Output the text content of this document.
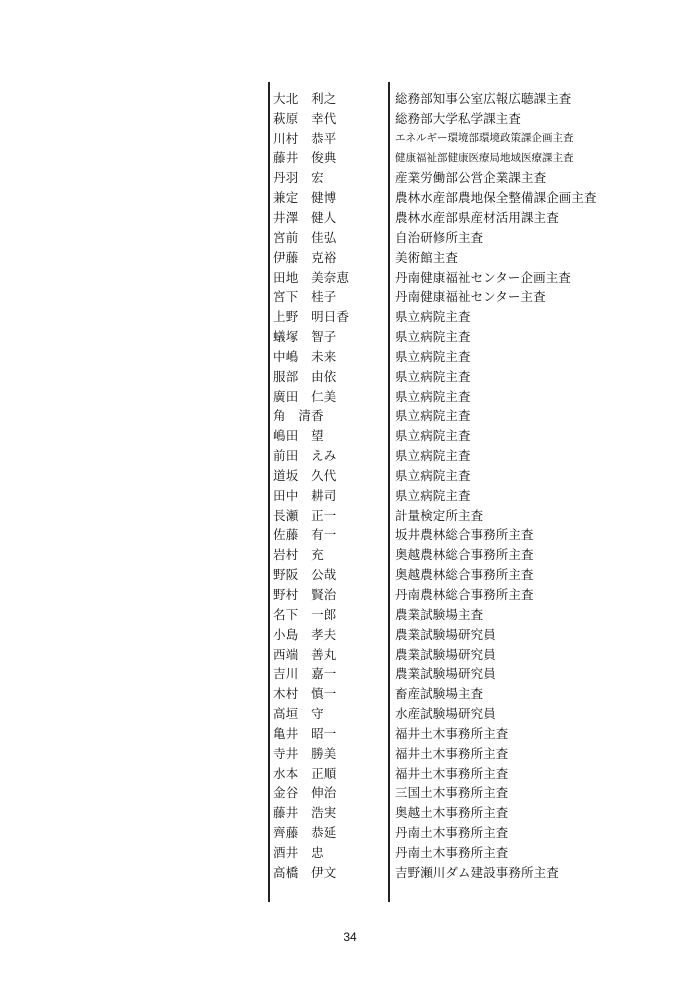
大北　利之	総務部知事公室広報広聴課主査
萩原　幸代	総務部大学私学課主査
川村　恭平	エネルギー環境部環境政策課企画主査
藤井　俊典	健康福祉部健康医療局地域医療課主査
丹羽　宏	産業労働部公営企業課主査
兼定　健博	農林水産部農地保全整備課企画主査
井澤　健人	農林水産部県産材活用課主査
宮前　佳弘	自治研修所主査
伊藤　克裕	美術館主査
田地　美奈恵	丹南健康福祉センター企画主査
宮下　桂子	丹南健康福祉センター主査
上野　明日香	県立病院主査
蟻塚　智子	県立病院主査
中嶋　未来	県立病院主査
服部　由依	県立病院主査
廣田　仁美	県立病院主査
角　清香	県立病院主査
嶋田　望	県立病院主査
前田　えみ	県立病院主査
道坂　久代	県立病院主査
田中　耕司	県立病院主査
長瀬　正一	計量検定所主査
佐藤　有一	坂井農林総合事務所主査
岩村　充	奥越農林総合事務所主査
野阪　公哉	奥越農林総合事務所主査
野村　賢治	丹南農林総合事務所主査
名下　一郎	農業試験場主査
小島　孝夫	農業試験場研究員
西端　善丸	農業試験場研究員
吉川　嘉一	農業試験場研究員
木村　慎一	畜産試験場主査
高垣　守	水産試験場研究員
亀井　昭一	福井土木事務所主査
寺井　勝美	福井土木事務所主査
水本　正順	福井土木事務所主査
金谷　伸治	三国土木事務所主査
藤井　浩実	奥越土木事務所主査
齊藤　恭延	丹南土木事務所主査
酒井　忠	丹南土木事務所主査
高橋　伊文	吉野瀬川ダム建設事務所主査
34
